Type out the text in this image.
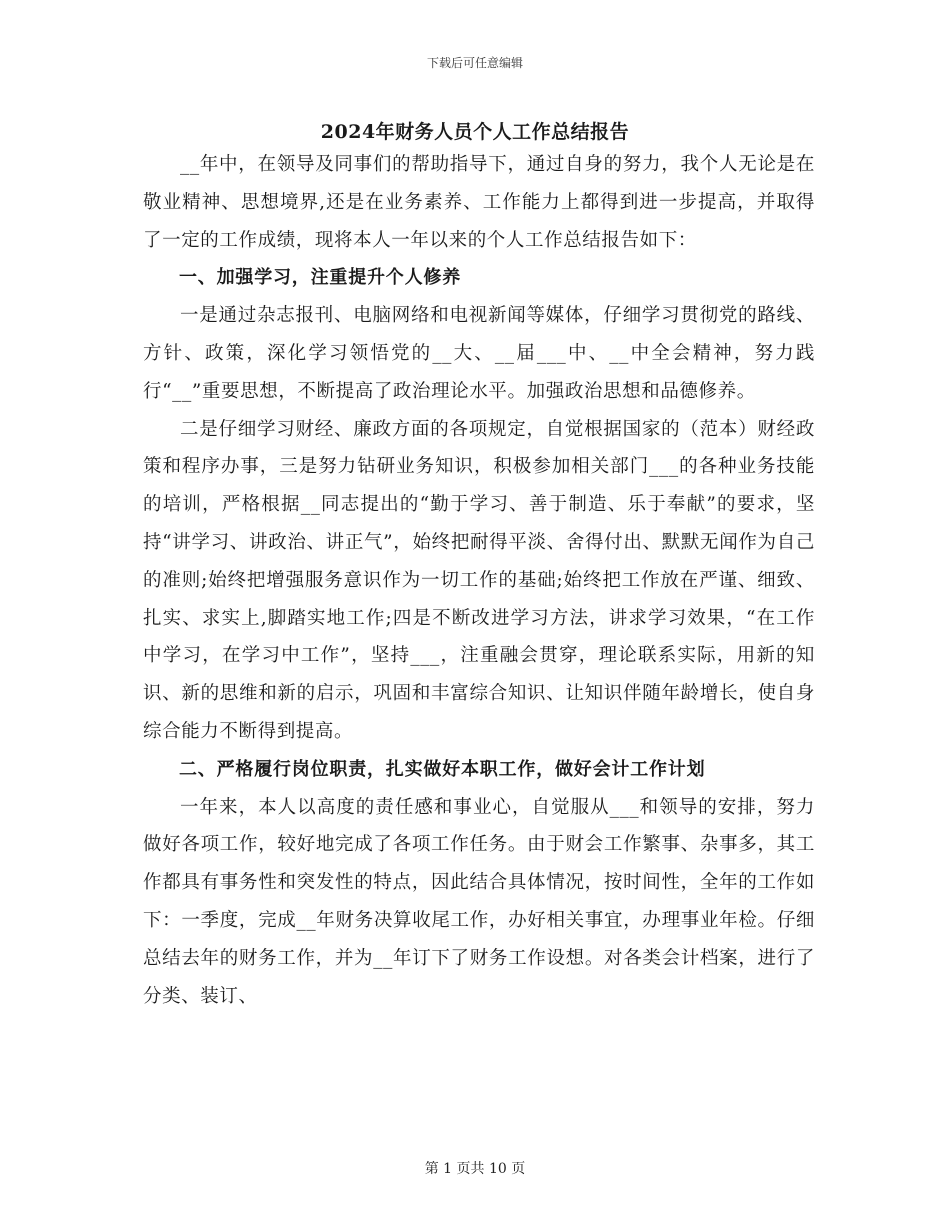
下载后可任意编辑
2024年财务人员个人工作总结报告

__年中，在领导及同事们的帮助指导下，通过自身的努力，我个人无论是在敬业精神、思想境界,还是在业务素养、工作能力上都得到进一步提高，并取得了一定的工作成绩，现将本人一年以来的个人工作总结报告如下：

一、加强学习，注重提升个人修养

一是通过杂志报刊、电脑网络和电视新闻等媒体，仔细学习贯彻党的路线、方针、政策，深化学习领悟党的__大、__届___中、__中全会精神，努力践行“__”重要思想，不断提高了政治理论水平。加强政治思想和品德修养。

二是仔细学习财经、廉政方面的各项规定，自觉根据国家的（范本）财经政策和程序办事，三是努力钻研业务知识，积极参加相关部门___的各种业务技能的培训，严格根据__同志提出的“勤于学习、善于制造、乐于奉献”的要求，坚持“讲学习、讲政治、讲正气”，始终把耐得平淡、舍得付出、默默无闻作为自己的准则;始终把增强服务意识作为一切工作的基础;始终把工作放在严谨、细致、扎实、求实上,脚踏实地工作;四是不断改进学习方法，讲求学习效果，“在工作中学习，在学习中工作”，坚持___，注重融会贯穿，理论联系实际，用新的知识、新的思维和新的启示，巩固和丰富综合知识、让知识伴随年龄增长，使自身综合能力不断得到提高。

二、严格履行岗位职责，扎实做好本职工作，做好会计工作计划

一年来，本人以高度的责任感和事业心，自觉服从___和领导的安排，努力做好各项工作，较好地完成了各项工作任务。由于财会工作繁事、杂事多，其工作都具有事务性和突发性的特点，因此结合具体情况，按时间性，全年的工作如下：一季度，完成__年财务决算收尾工作，办好相关事宜，办理事业年检。仔细总结去年的财务工作，并为__年订下了财务工作设想。对各类会计档案，进行了分类、装订、

第 1 页共 10 页
